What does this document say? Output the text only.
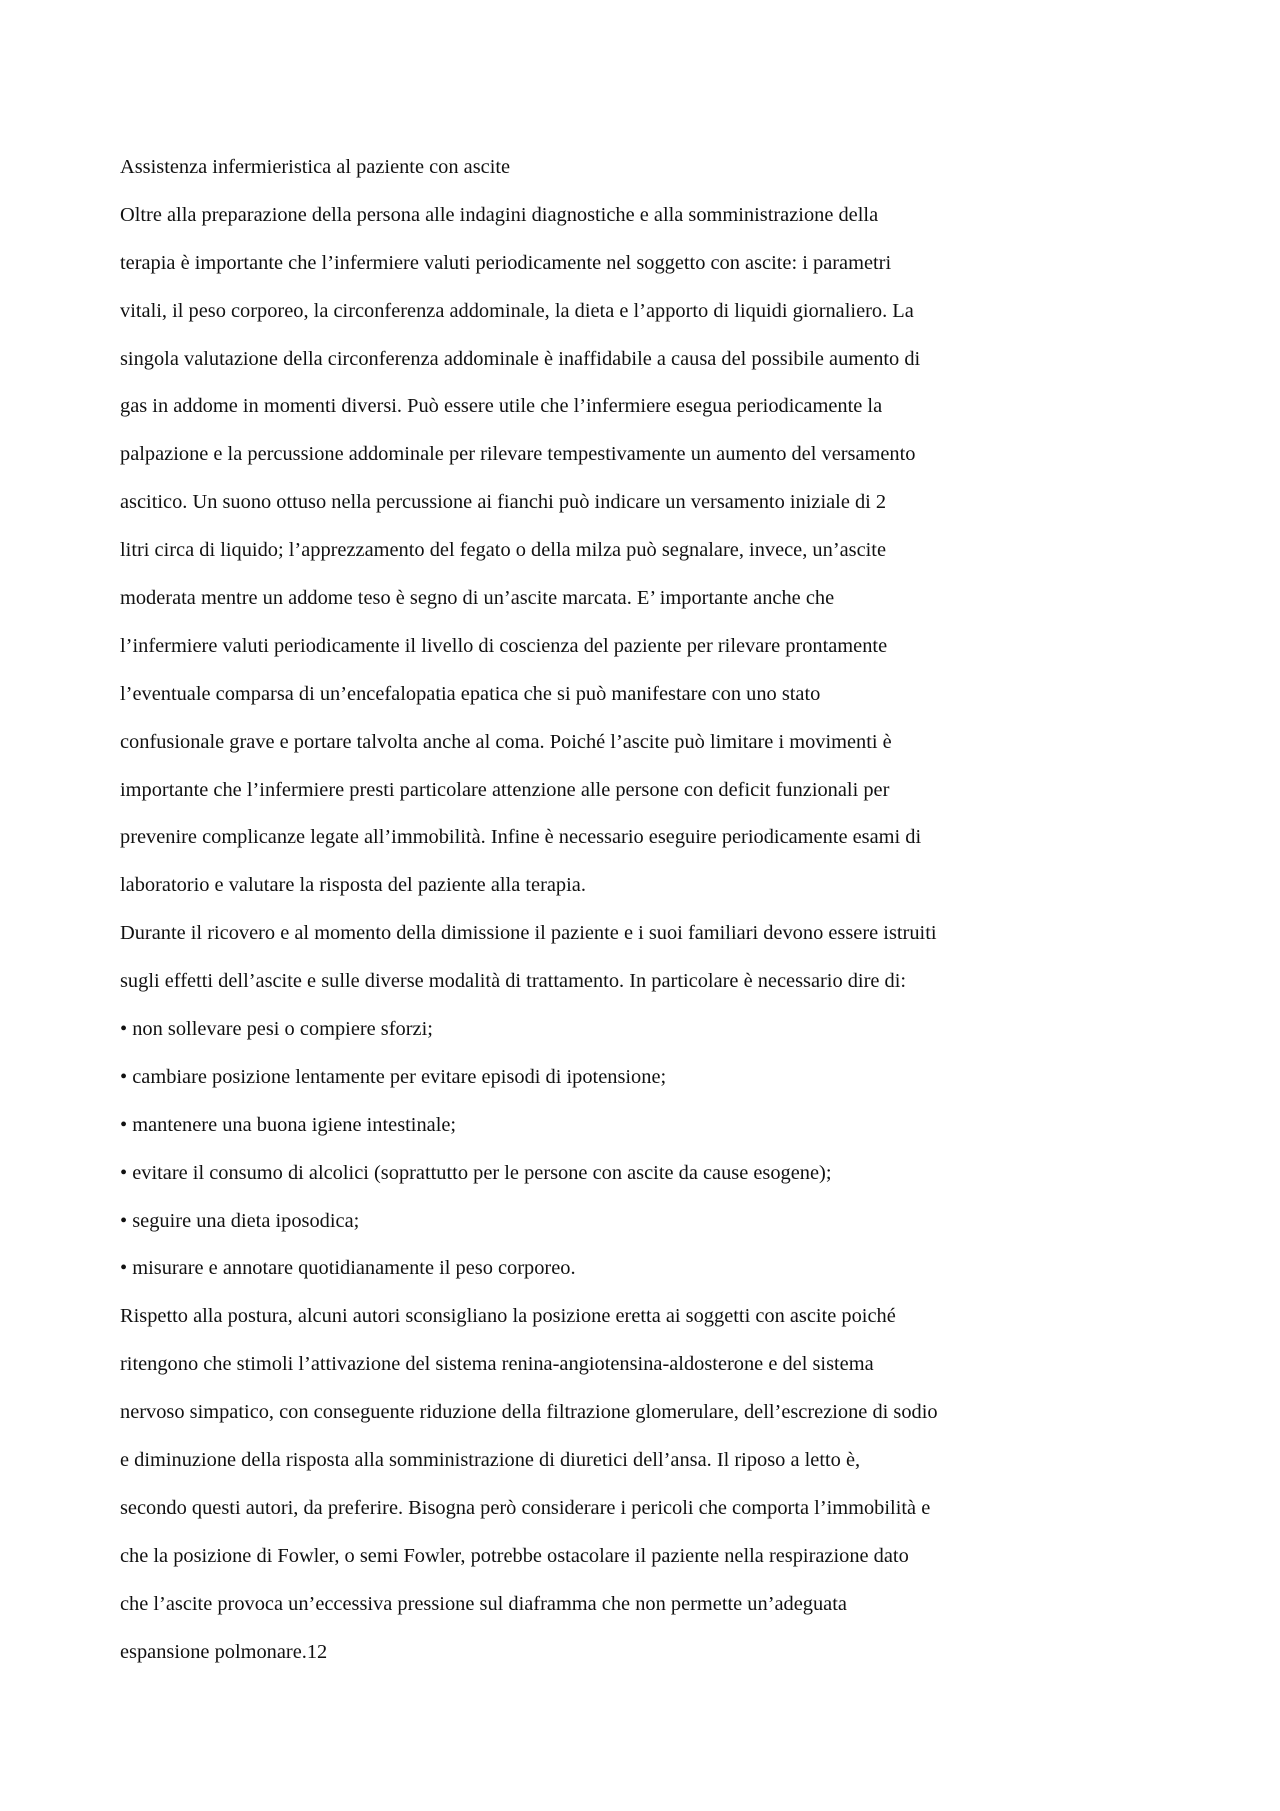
Assistenza infermieristica al paziente con ascite
Oltre alla preparazione della persona alle indagini diagnostiche e alla somministrazione della
terapia è importante che l’infermiere valuti periodicamente nel soggetto con ascite: i parametri
vitali, il peso corporeo, la circonferenza addominale, la dieta e l’apporto di liquidi giornaliero. La
singola valutazione della circonferenza addominale è inaffidabile a causa del possibile aumento di
gas in addome in momenti diversi. Può essere utile che l’infermiere esegua periodicamente la
palpazione e la percussione addominale per rilevare tempestivamente un aumento del versamento
ascitico. Un suono ottuso nella percussione ai fianchi può indicare un versamento iniziale di 2
litri circa di liquido; l’apprezzamento del fegato o della milza può segnalare, invece, un’ascite
moderata mentre un addome teso è segno di un’ascite marcata. E’ importante anche che
l’infermiere valuti periodicamente il livello di coscienza del paziente per rilevare prontamente
l’eventuale comparsa di un’encefalopatia epatica che si può manifestare con uno stato
confusionale grave e portare talvolta anche al coma. Poiché l’ascite può limitare i movimenti è
importante che l’infermiere presti particolare attenzione alle persone con deficit funzionali per
prevenire complicanze legate all’immobilità. Infine è necessario eseguire periodicamente esami di
laboratorio e valutare la risposta del paziente alla terapia.
Durante il ricovero e al momento della dimissione il paziente e i suoi familiari devono essere istruiti
sugli effetti dell’ascite e sulle diverse modalità di trattamento. In particolare è necessario dire di:
• non sollevare pesi o compiere sforzi;
• cambiare posizione lentamente per evitare episodi di ipotensione;
• mantenere una buona igiene intestinale;
• evitare il consumo di alcolici (soprattutto per le persone con ascite da cause esogene);
• seguire una dieta iposodica;
• misurare e annotare quotidianamente il peso corporeo.
Rispetto alla postura, alcuni autori sconsigliano la posizione eretta ai soggetti con ascite poiché
ritengono che stimoli l’attivazione del sistema renina-angiotensina-aldosterone e del sistema
nervoso simpatico, con conseguente riduzione della filtrazione glomerulare, dell’escrezione di sodio
e diminuzione della risposta alla somministrazione di diuretici dell’ansa. Il riposo a letto è,
secondo questi autori, da preferire. Bisogna però considerare i pericoli che comporta l’immobilità e
che la posizione di Fowler, o semi Fowler, potrebbe ostacolare il paziente nella respirazione dato
che l’ascite provoca un’eccessiva pressione sul diaframma che non permette un’adeguata
espansione polmonare.12
